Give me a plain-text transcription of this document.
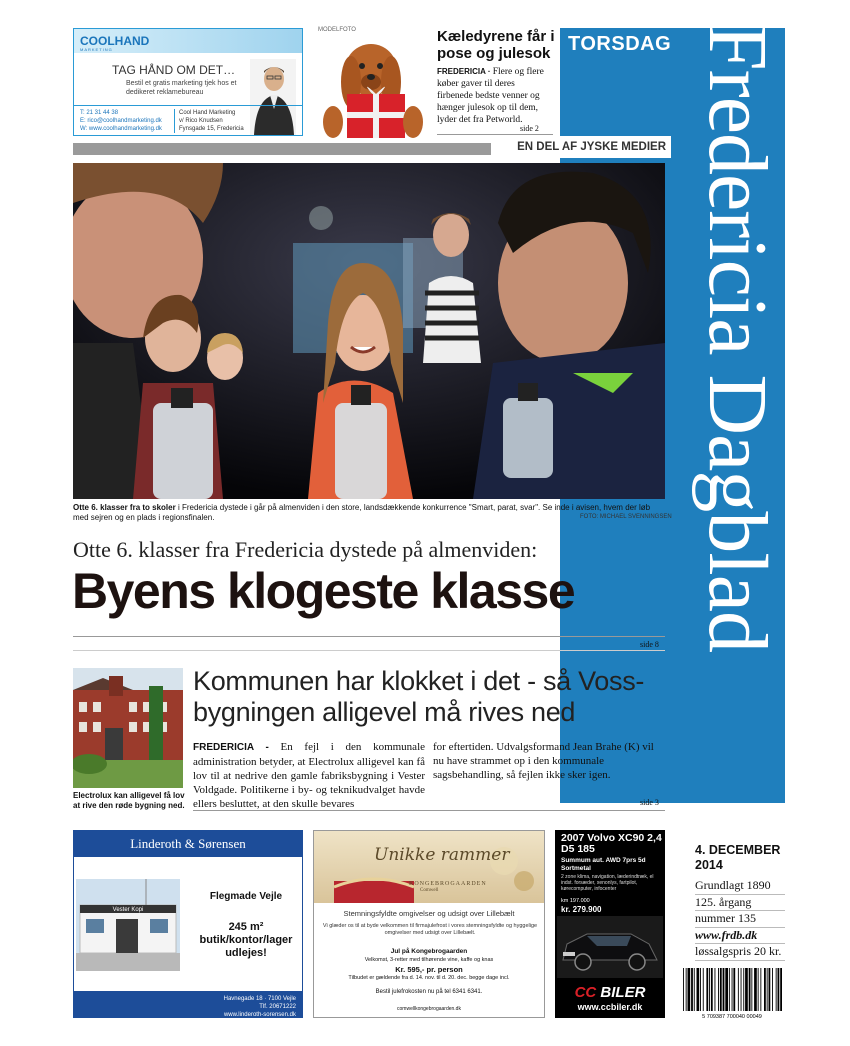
COOLHAND
MARKETING
TAG HÅND OM DET…
Bestil et gratis marketing tjek hos et dedikeret reklamebureau
T: 21 31 44 38
E: rico@coolhandmarketing.dk
W: www.coolhandmarketing.dk
Cool Hand Marketing
v/ Rico Knudsen
Fynsgade 15, Fredericia
MODELFOTO	Kæledyrene får i pose og julesok
FREDERICIA · Flere og flere køber gaver til deres firbenede bedste venner og hænger julesok op til dem, lyder det fra Petworld.
side 2
TORSDAG Fredericia Dagblad
EN DEL AF JYSKE MEDIER
Otte 6. klasser fra to skoler i Fredericia dystede i går på almenviden i den store, landsdækkende konkurrence "Smart, parat, svar". Se inde i avisen, hvem der løb med sejren og en plads i regionsfinalen.	FOTO: MICHAEL SVENNINGSEN
Otte 6. klasser fra Fredericia dystede på almenviden:
Byens klogeste klasse
side 8
Electrolux kan alligevel få lov at rive den røde bygning ned.
Kommunen har klokket i det - så Voss-bygningen alligevel må rives ned
FREDERICIA - En fejl i den kommunale administration betyder, at Electrolux alligevel kan få lov til at nedrive den gamle fabriksbygning i Vester Voldgade. Politikerne i by- og teknikudvalget havde ellers besluttet, at den skulle bevares
for eftertiden. Udvalgsformand Jean Brahe (K) vil nu have strammet op i den kommunale sagsbehandling, så fejlen ikke sker igen.
side 3
Linderoth & Sørensen
Vester Kopi
Flegmade Vejle
245 m² butik/kontor/lager udlejes!
Havnegade 18 · 7100 Vejle
Tlf. 20671222
www.linderoth-sorensen.dk
Unikke rammer
KONGEBROGAARDEN
Comwell
Stemningsfyldte omgivelser og udsigt over Lillebælt
Vi glæder os til at byde velkommen til firmajulefrost i vores stemningsfyldte og hyggelige omgivelser med udsigt over Lillebælt.
Jul på Kongebrogaarden
Velkomst, 3-retter med tilhørende vine, kaffe og knas
Kr. 595,- pr. person
Tilbudet er gældende fra d. 14. nov. til d. 20. dec. begge dage incl.
Bestil julefrokosten nu på tel 6341 6341.
comwellkongebrogaarden.dk
2007 Volvo XC90 2,4 D5 185
Summum aut. AWD 7prs 5d Sortmetal
2 zone klima, navigation, læderindtræk, el indst. forsæder, xenonlys, fartpilot, kørecomputer, infocenter
km 197.000
kr. 279.900
CC BILER
www.ccbiler.dk
4. DECEMBER 2014
Grundlagt 1890
125. årgang
nummer 135
www.frdb.dk
løssalgspris 20 kr.
5 709387 700040 00049
